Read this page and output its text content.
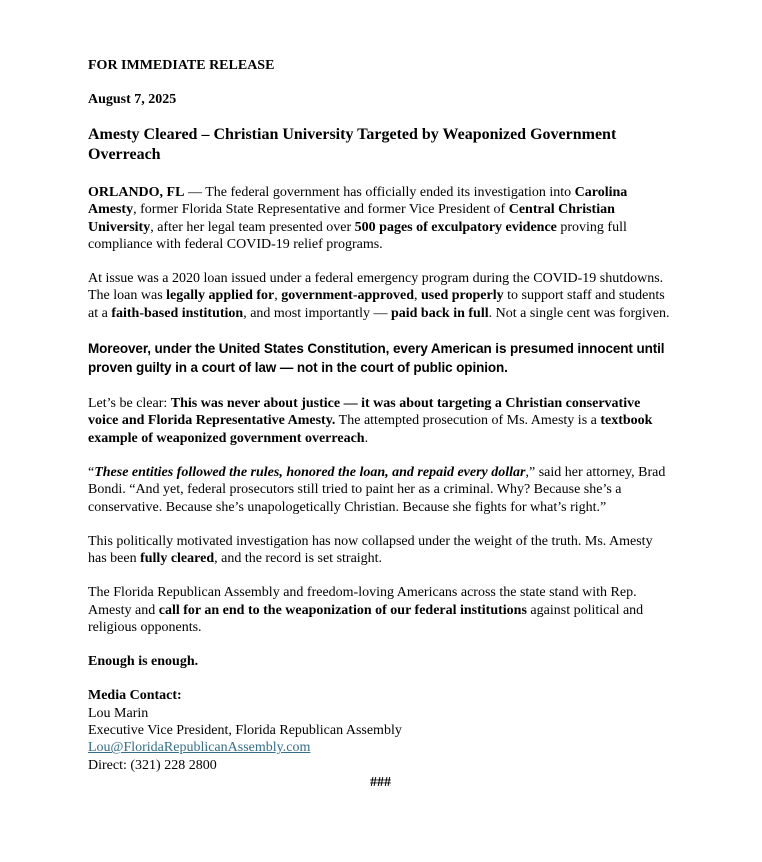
FOR IMMEDIATE RELEASE

August 7, 2025

Amesty Cleared – Christian University Targeted by Weaponized Government Overreach

ORLANDO, FL — The federal government has officially ended its investigation into Carolina Amesty, former Florida State Representative and former Vice President of Central Christian University, after her legal team presented over 500 pages of exculpatory evidence proving full compliance with federal COVID-19 relief programs.

At issue was a 2020 loan issued under a federal emergency program during the COVID-19 shutdowns. The loan was legally applied for, government-approved, used properly to support staff and students at a faith-based institution, and most importantly — paid back in full. Not a single cent was forgiven.

Moreover, under the United States Constitution, every American is presumed innocent until proven guilty in a court of law — not in the court of public opinion.

Let’s be clear: This was never about justice — it was about targeting a Christian conservative voice and Florida Representative Amesty. The attempted prosecution of Ms. Amesty is a textbook example of weaponized government overreach.

“These entities followed the rules, honored the loan, and repaid every dollar,” said her attorney, Brad Bondi. “And yet, federal prosecutors still tried to paint her as a criminal. Why? Because she’s a conservative. Because she’s unapologetically Christian. Because she fights for what’s right.”

This politically motivated investigation has now collapsed under the weight of the truth. Ms. Amesty has been fully cleared, and the record is set straight.

The Florida Republican Assembly and freedom-loving Americans across the state stand with Rep. Amesty and call for an end to the weaponization of our federal institutions against political and religious opponents.

Enough is enough.

Media Contact:
Lou Marin
Executive Vice President, Florida Republican Assembly
Lou@FloridaRepublicanAssembly.com
Direct: (321) 228 2800

###
